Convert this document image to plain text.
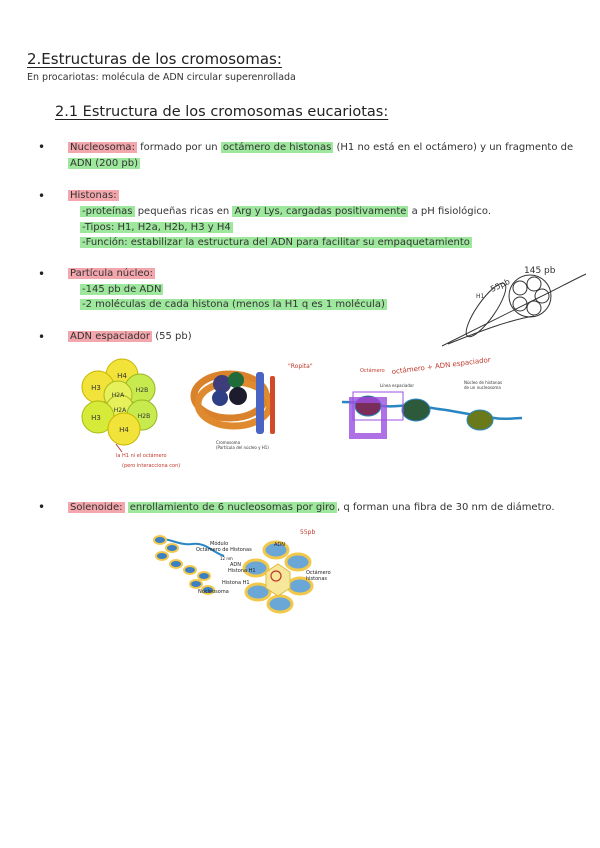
2.Estructuras de los cromosomas:
En procariotas: molécula de ADN circular superenrollada
2.1 Estructura de los cromosomas eucariotas:
• Nucleosoma: formado por un octámero de histonas (H1 no está en el octámero) y un fragmento de
ADN (200 pb)
• Histonas:
-proteínas pequeñas ricas en Arg y Lys, cargadas positivamente a pH fisiológico.
-Tipos: H1, H2a, H2b, H3 y H4
-Función: estabilizar la estructura del ADN para facilitar su empaquetamiento
• Partícula núcleo:
-145 pb de ADN
-2 moléculas de cada histona (menos la H1 q es 1 molécula)
H1
55pb
145 pb
• ADN espaciador (55 pb)
H4
H3
H2A
H2B
H2A
H3	H2B
H4
la H1 ni el octámero
(pero interacciona con)
"Ropita"
Cromosoma
(Partícula del núcleo y H1)
Octámero octámero + ADN espaciador
Línea espaciador
Núcleo de histonas
de un nucleosoma
• Solenoide: enrollamiento de 6 nucleosomas por giro , q forman una fibra de 30 nm de diámetro.
Módulo
Octámero de Histonas
12 nm
ADN
ADN
Histona H1
Histona H1
Nucleosoma
Octámero
histonas
55pb
